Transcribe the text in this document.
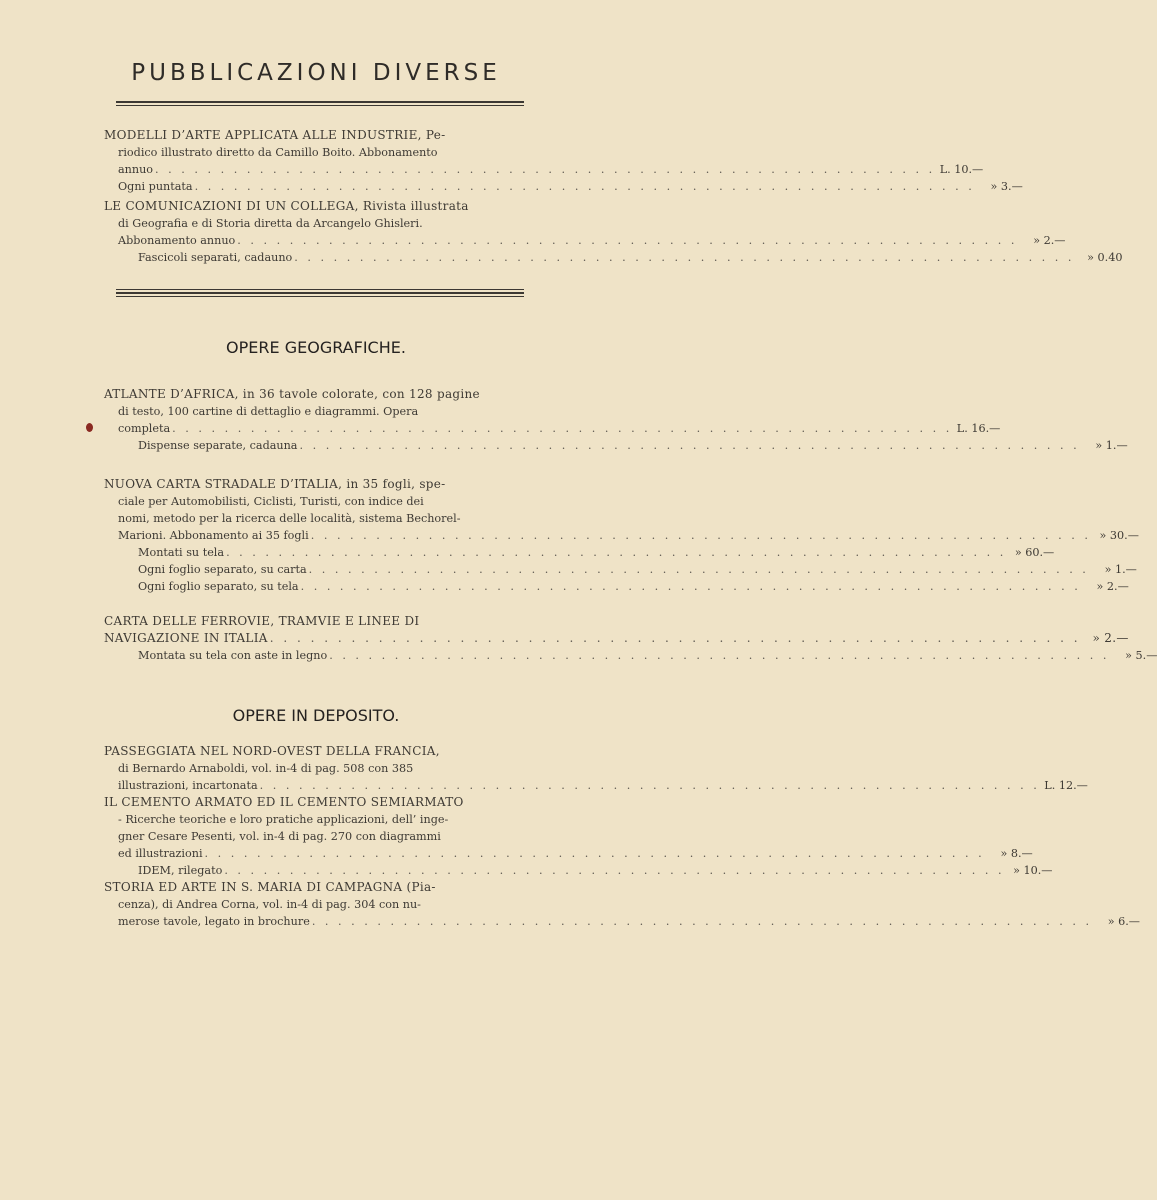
PUBBLICAZIONI DIVERSE
MODELLI D’ARTE APPLICATA ALLE INDUSTRIE, Pe-
riodico illustrato diretto da Camillo Boito. Abbonamento
annuo . . . . . . . . . . . . . . . . . . . . . . . . . . . . . . . . . . . . . . . . . . . . . . . . . . . . . . . . . . . . L. 10.—
Ogni puntata . . . . . . . . . . . . . . . . . . . . . . . . . . . . . . . . . . . . . . . . . . . . . . . . . . . . . . . . . . . .	» 3.—
LE COMUNICAZIONI DI UN COLLEGA, Rivista illustrata
di Geografia e di Storia diretta da Arcangelo Ghisleri.
Abbonamento annuo . . . . . . . . . . . . . . . . . . . . . . . . . . . . . . . . . . . . . . . . . . . . . . . . . . . . . . . . . . . .	» 2.—
Fascicoli separati, cadauno . . . . . . . . . . . . . . . . . . . . . . . . . . . . . . . . . . . . . . . . . . . . . . . . . . . . . . . . . . . .	» 0.40
OPERE GEOGRAFICHE.
ATLANTE D’AFRICA, in 36 tavole colorate, con 128 pagine
di testo, 100 cartine di dettaglio e diagrammi. Opera
completa . . . . . . . . . . . . . . . . . . . . . . . . . . . . . . . . . . . . . . . . . . . . . . . . . . . . . . . . . . . . L. 16.—
Dispense separate, cadauna . . . . . . . . . . . . . . . . . . . . . . . . . . . . . . . . . . . . . . . . . . . . . . . . . . . . . . . . . . . .	» 1.—
NUOVA CARTA STRADALE D’ITALIA, in 35 fogli, spe-
ciale per Automobilisti, Ciclisti, Turisti, con indice dei
nomi, metodo per la ricerca delle località, sistema Bechorel-
Marioni. Abbonamento ai 35 fogli . . . . . . . . . . . . . . . . . . . . . . . . . . . . . . . . . . . . . . . . . . . . . . . . . . . . . . . . . . . . » 30.—
Montati su tela . . . . . . . . . . . . . . . . . . . . . . . . . . . . . . . . . . . . . . . . . . . . . . . . . . . . . . . . . . . . » 60.—
Ogni foglio separato, su carta . . . . . . . . . . . . . . . . . . . . . . . . . . . . . . . . . . . . . . . . . . . . . . . . . . . . . . . . . . . .	» 1.—
Ogni foglio separato, su tela . . . . . . . . . . . . . . . . . . . . . . . . . . . . . . . . . . . . . . . . . . . . . . . . . . . . . . . . . . . .	» 2.—
CARTA DELLE FERROVIE, TRAMVIE E LINEE DI
NAVIGAZIONE IN ITALIA . . . . . . . . . . . . . . . . . . . . . . . . . . . . . . . . . . . . . . . . . . . . . . . . . . . . . . . . . . . . » 2.—
Montata su tela con aste in legno . . . . . . . . . . . . . . . . . . . . . . . . . . . . . . . . . . . . . . . . . . . . . . . . . . . . . . . . . . . .	» 5.—
OPERE IN DEPOSITO.
PASSEGGIATA NEL NORD-OVEST DELLA FRANCIA,
di Bernardo Arnaboldi, vol. in-4 di pag. 508 con 385
illustrazioni, incartonata . . . . . . . . . . . . . . . . . . . . . . . . . . . . . . . . . . . . . . . . . . . . . . . . . . . . . . . . . . . . L. 12.—
IL CEMENTO ARMATO ED IL CEMENTO SEMIARMATO
- Ricerche teoriche e loro pratiche applicazioni, dell’ inge-
gner Cesare Pesenti, vol. in-4 di pag. 270 con diagrammi
ed illustrazioni . . . . . . . . . . . . . . . . . . . . . . . . . . . . . . . . . . . . . . . . . . . . . . . . . . . . . . . . . . . .	» 8.—
IDEM, rilegato . . . . . . . . . . . . . . . . . . . . . . . . . . . . . . . . . . . . . . . . . . . . . . . . . . . . . . . . . . . . » 10.—
STORIA ED ARTE IN S. MARIA DI CAMPAGNA (Pia-
cenza), di Andrea Corna, vol. in-4 di pag. 304 con nu-
merose tavole, legato in brochure . . . . . . . . . . . . . . . . . . . . . . . . . . . . . . . . . . . . . . . . . . . . . . . . . . . . . . . . . . . .	» 6.—
